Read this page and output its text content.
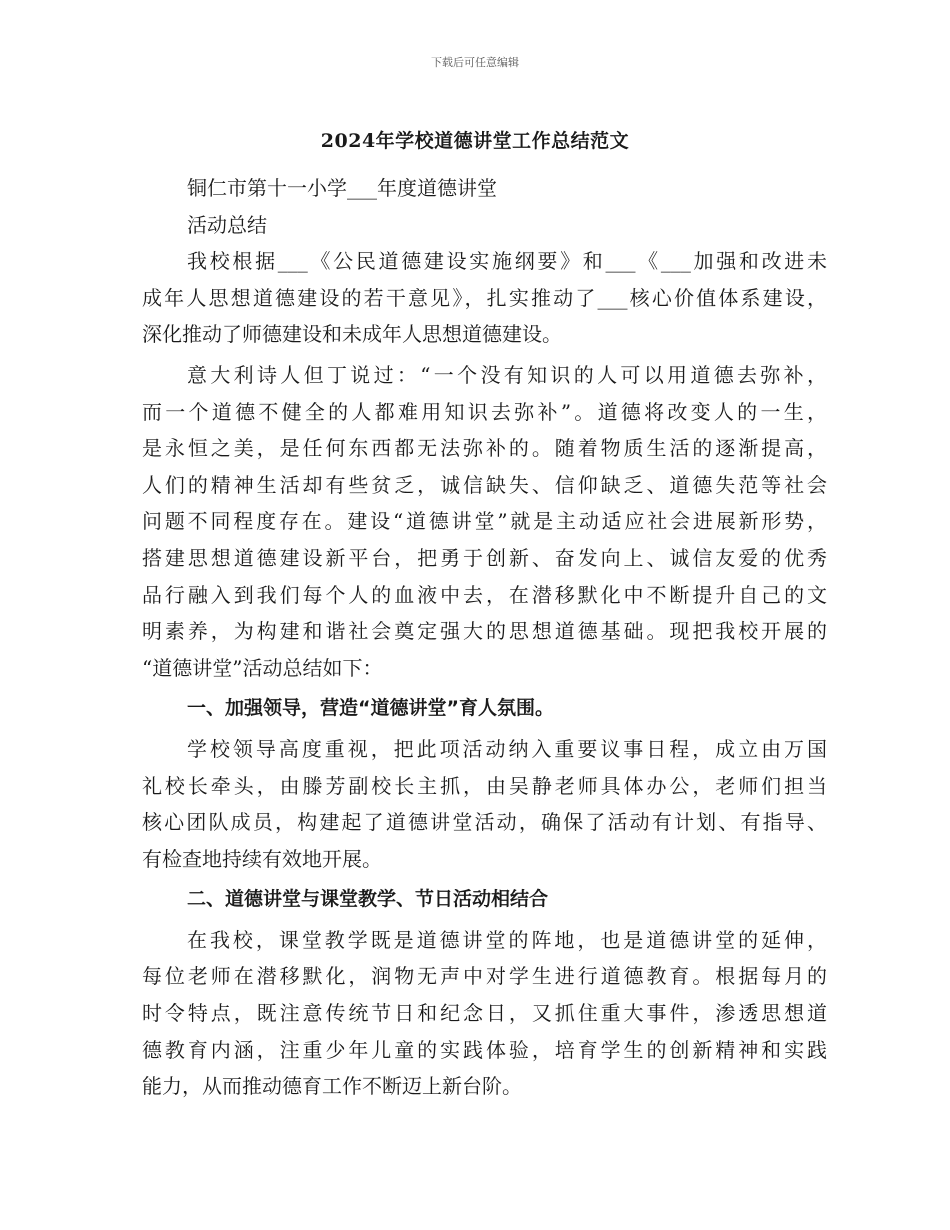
下载后可任意编辑
2024年学校道德讲堂工作总结范文
铜仁市第十一小学___年度道德讲堂
活动总结
我校根据___《公民道德建设实施纲要》和___《___加强和改进未
成年人思想道德建设的若干意见》，扎实推动了___核心价值体系建设，
深化推动了师德建设和未成年人思想道德建设。
意大利诗人但丁说过：“一个没有知识的人可以用道德去弥补，
而一个道德不健全的人都难用知识去弥补”。道德将改变人的一生，
是永恒之美，是任何东西都无法弥补的。随着物质生活的逐渐提高，
人们的精神生活却有些贫乏，诚信缺失、信仰缺乏、道德失范等社会
问题不同程度存在。建设“道德讲堂”就是主动适应社会进展新形势，
搭建思想道德建设新平台，把勇于创新、奋发向上、诚信友爱的优秀
品行融入到我们每个人的血液中去，在潜移默化中不断提升自己的文
明素养，为构建和谐社会奠定强大的思想道德基础。现把我校开展的
“道德讲堂”活动总结如下：
一、加强领导，营造“道德讲堂”育人氛围。
学校领导高度重视，把此项活动纳入重要议事日程，成立由万国
礼校长牵头，由滕芳副校长主抓，由吴静老师具体办公，老师们担当
核心团队成员，构建起了道德讲堂活动，确保了活动有计划、有指导、
有检查地持续有效地开展。
二、道德讲堂与课堂教学、节日活动相结合
在我校，课堂教学既是道德讲堂的阵地，也是道德讲堂的延伸，
每位老师在潜移默化，润物无声中对学生进行道德教育。根据每月的
时令特点，既注意传统节日和纪念日，又抓住重大事件，渗透思想道
德教育内涵，注重少年儿童的实践体验，培育学生的创新精神和实践
能力，从而推动德育工作不断迈上新台阶。
